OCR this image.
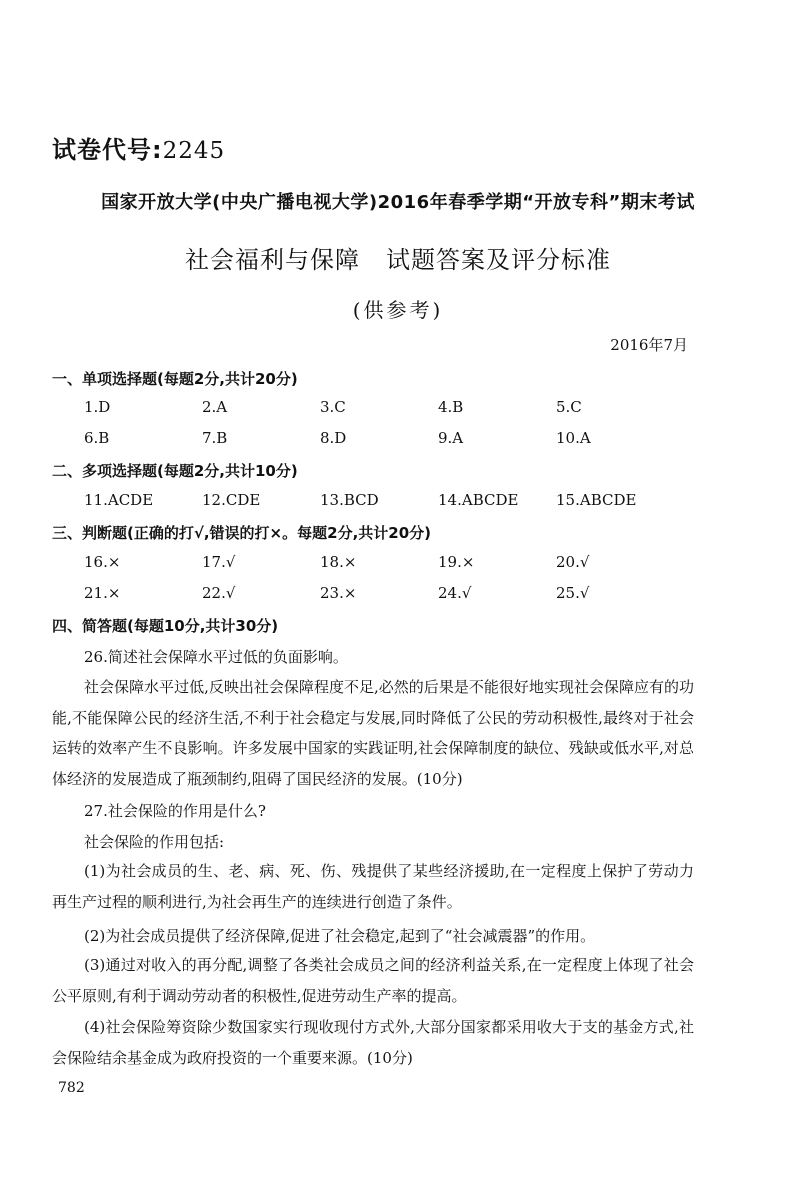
试卷代号:2245
国家开放大学(中央广播电视大学)2016年春季学期“开放专科”期末考试
社会福利与保障 试题答案及评分标准
(供参考)
2016年7月
一、单项选择题(每题2分,共计20分)
1.D	2.A	3.C	4.B	5.C
6.B	7.B	8.D	9.A	10.A
二、多项选择题(每题2分,共计10分)
11.ACDE	12.CDE	13.BCD	14.ABCDE	15.ABCDE
三、判断题(正确的打√,错误的打×。每题2分,共计20分)
16.×	17.√	18.×	19.×	20.√
21.×	22.√	23.×	24.√	25.√
四、简答题(每题10分,共计30分)
26.简述社会保障水平过低的负面影响。

社会保障水平过低,反映出社会保障程度不足,必然的后果是不能很好地实现社会保障应有的功能,不能保障公民的经济生活,不利于社会稳定与发展,同时降低了公民的劳动积极性,最终对于社会运转的效率产生不良影响。许多发展中国家的实践证明,社会保障制度的缺位、残缺或低水平,对总体经济的发展造成了瓶颈制约,阻碍了国民经济的发展。(10分)

27.社会保险的作用是什么?
社会保险的作用包括:

(1)为社会成员的生、老、病、死、伤、残提供了某些经济援助,在一定程度上保护了劳动力再生产过程的顺利进行,为社会再生产的连续进行创造了条件。

(2)为社会成员提供了经济保障,促进了社会稳定,起到了“社会减震器”的作用。

(3)通过对收入的再分配,调整了各类社会成员之间的经济利益关系,在一定程度上体现了社会公平原则,有利于调动劳动者的积极性,促进劳动生产率的提高。

(4)社会保险筹资除少数国家实行现收现付方式外,大部分国家都采用收大于支的基金方式,社会保险结余基金成为政府投资的一个重要来源。(10分)

782
